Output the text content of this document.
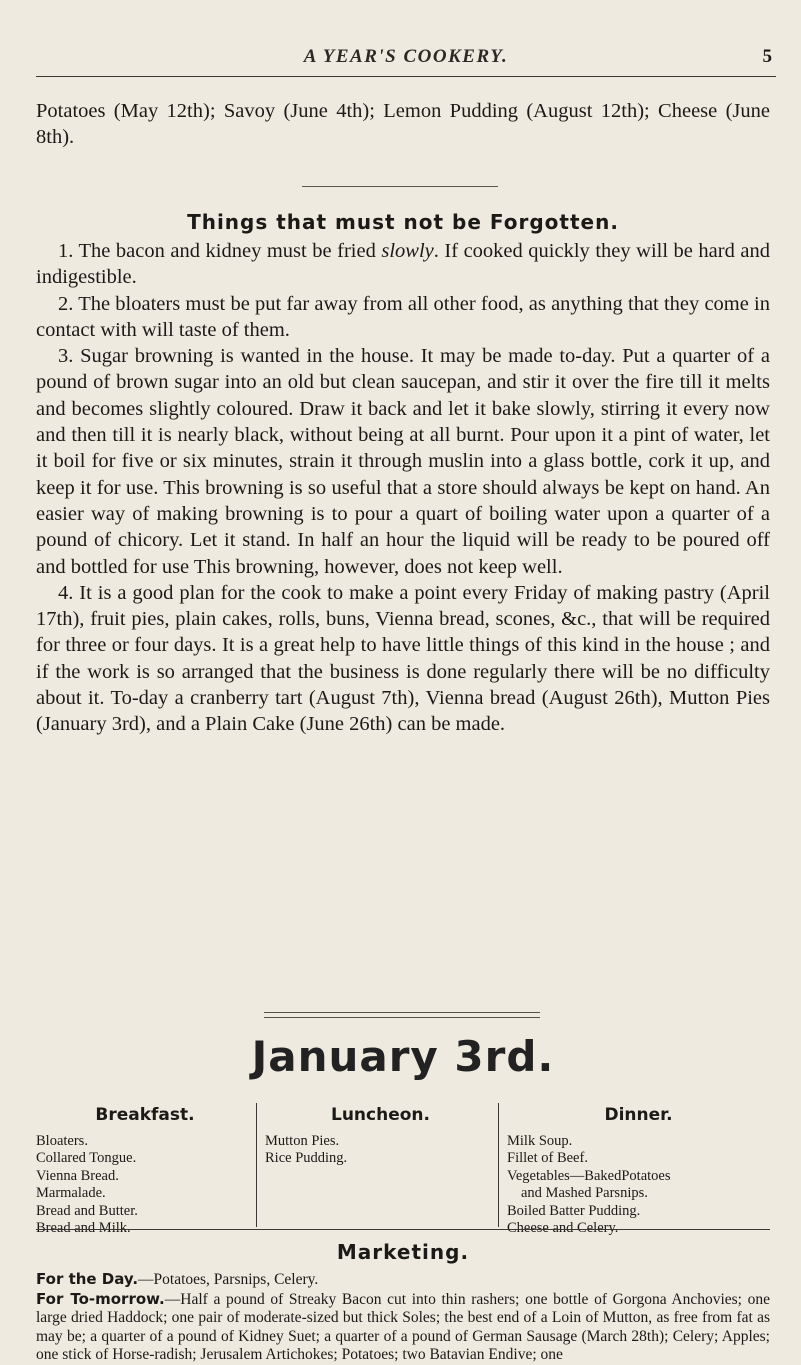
A YEAR'S COOKERY.	5

Potatoes (May 12th); Savoy (June 4th); Lemon Pudding (August 12th); Cheese (June 8th).

Things that must not be Forgotten.

1. The bacon and kidney must be fried slowly. If cooked quickly they will be hard and indigestible.

2. The bloaters must be put far away from all other food, as anything that they come in contact with will taste of them.

3. Sugar browning is wanted in the house. It may be made to-day. Put a quarter of a pound of brown sugar into an old but clean saucepan, and stir it over the fire till it melts and becomes slightly coloured. Draw it back and let it bake slowly, stirring it every now and then till it is nearly black, without being at all burnt. Pour upon it a pint of water, let it boil for five or six minutes, strain it through muslin into a glass bottle, cork it up, and keep it for use. This browning is so useful that a store should always be kept on hand. An easier way of making browning is to pour a quart of boiling water upon a quarter of a pound of chicory. Let it stand. In half an hour the liquid will be ready to be poured off and bottled for use This browning, however, does not keep well.

4. It is a good plan for the cook to make a point every Friday of making pastry (April 17th), fruit pies, plain cakes, rolls, buns, Vienna bread, scones, &c., that will be required for three or four days. It is a great help to have little things of this kind in the house ; and if the work is so arranged that the business is done regularly there will be no difficulty about it. To-day a cranberry tart (August 7th), Vienna bread (August 26th), Mutton Pies (January 3rd), and a Plain Cake (June 26th) can be made.

January 3rd.
Breakfast.
Bloaters.
Collared Tongue.
Vienna Bread.
Marmalade.
Bread and Butter.
Bread and Milk.
Luncheon.
Mutton Pies.
Rice Pudding.
Dinner.
Milk Soup.
Fillet of Beef.
Vegetables—BakedPotatoes
and Mashed Parsnips.
Boiled Batter Pudding.
Cheese and Celery.
Marketing.

For the Day.—Potatoes, Parsnips, Celery.

For To-morrow.—Half a pound of Streaky Bacon cut into thin rashers; one bottle of Gorgona Anchovies; one large dried Haddock; one pair of moderate-sized but thick Soles; the best end of a Loin of Mutton, as free from fat as may be; a quarter of a pound of Kidney Suet; a quarter of a pound of German Sausage (March 28th); Celery; Apples; one stick of Horse-radish; Jerusalem Artichokes; Potatoes; two Batavian Endive; one
